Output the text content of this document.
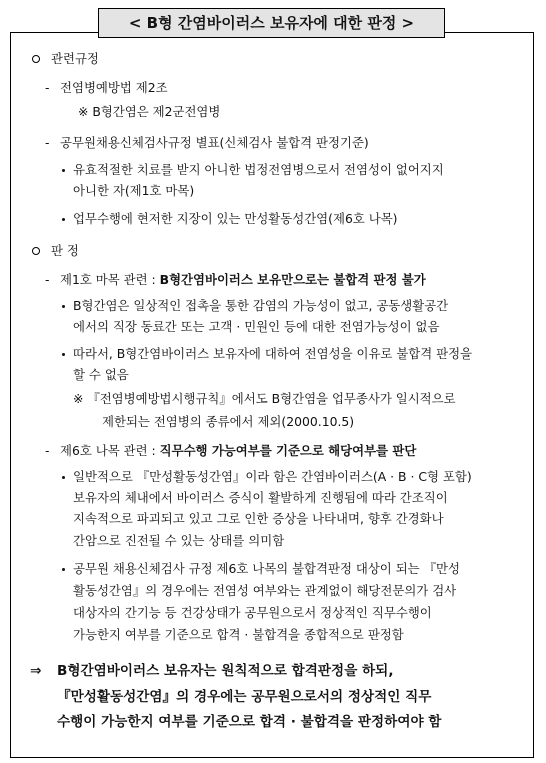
< B형 간염바이러스 보유자에 대한 판정 >
관련규정
- 전염병예방법 제2조
※ B형간염은 제2군전염병
- 공무원채용신체검사규정 별표(신체검사 불합격 판정기준)
유효적절한 치료를 받지 아니한 법정전염병으로서 전염성이 없어지지
아니한 자(제1호 마목)
업무수행에 현저한 지장이 있는 만성활동성간염(제6호 나목)
판 정
- 제1호 마목 관련 : B형간염바이러스 보유만으로는 불합격 판정 불가
B형간염은 일상적인 접촉을 통한 감염의 가능성이 없고, 공동생활공간
에서의 직장 동료간 또는 고객 · 민원인 등에 대한 전염가능성이 없음
따라서, B형간염바이러스 보유자에 대하여 전염성을 이유로 불합격 판정을
할 수 없음
※ 『전염병예방법시행규칙』에서도 B형간염을 업무종사가 일시적으로
제한되는 전염병의 종류에서 제외(2000.10.5)
- 제6호 나목 관련 : 직무수행 가능여부를 기준으로 해당여부를 판단
일반적으로 『만성활동성간염』이라 함은 간염바이러스(A · B · C형 포함)
보유자의 체내에서 바이러스 증식이 활발하게 진행됨에 따라 간조직이
지속적으로 파괴되고 있고 그로 인한 증상을 나타내며, 향후 간경화나
간암으로 진전될 수 있는 상태를 의미함
공무원 채용신체검사 규정 제6호 나목의 불합격판정 대상이 되는 『만성
활동성간염』의 경우에는 전염성 여부와는 관계없이 해당전문의가 검사
대상자의 간기능 등 건강상태가 공무원으로서 정상적인 직무수행이
가능한지 여부를 기준으로 합격 · 불합격을 종합적으로 판정함
⇒ B형간염바이러스 보유자는 원칙적으로 합격판정을 하되,
『만성활동성간염』의 경우에는 공무원으로서의 정상적인 직무
수행이 가능한지 여부를 기준으로 합격 · 불합격을 판정하여야 함
